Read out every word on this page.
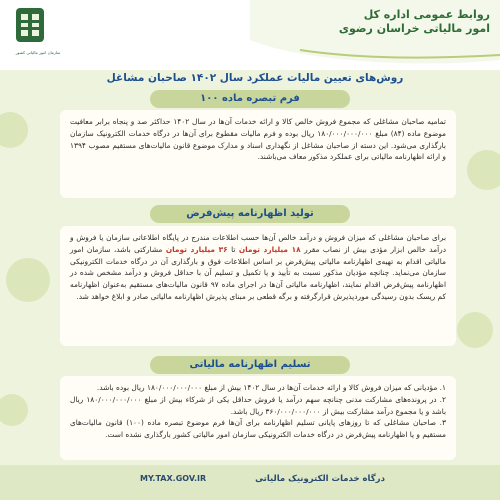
سازمان امور مالیاتی کشور
روابط عمومی اداره کل
امور مالیاتی خراسان رضوی
روش‌های تعیین مالیات عملکرد سال ۱۴۰۲ صاحبان مشاغل
فرم تبصره ماده ۱۰۰
تمامیه صاحبان مشاغلی که مجموع فروش خالص کالا و ارائه خدمات آن‌ها در سال ۱۴۰۲ حداکثر صد و پنجاه برابر معافیت موضوع ماده (۸۴) مبلغ ۱۸۰/۰۰۰/۰۰۰/۰۰۰ ریال بوده و فرم مالیات مقطوع برای آن‌ها در درگاه خدمات الکترونیک سازمان بارگذاری می‌شود. این دسته از صاحبان مشاغل از نگهداری اسناد و مدارک موضوع قانون مالیات‌های مستقیم مصوب ۱۳۹۴ و ارائه اظهارنامه مالیاتی برای عملکرد مذکور معاف می‌باشند.
تولید اظهارنامه پیش‌فرض
برای صاحبان مشاغلی که میزان فروش و درآمد خالص آن‌ها حسب اطلاعات مندرج در پایگاه اطلاعاتی سازمان یا فروش و درآمد خالص ابزار مؤدی بیش از نصاب مقرر ۱۸ میلیارد تومان تا ۳۶ میلیارد تومان مشارکتی باشد، سازمان امور مالیاتی اقدام به تهیه‌ی اظهارنامه مالیاتی پیش‌فرض بر اساس اطلاعات فوق و بارگذاری آن در درگاه خدمات الکترونیکی سازمان می‌نماید. چنانچه مؤدیان مذکور نسبت به تأیید و یا تکمیل و تسلیم آن با حداقل فروش و درآمد مشخص شده در اظهارنامه پیش‌فرض اقدام نمایند، اظهارنامه مالیاتی آن‌ها در اجرای ماده ۹۷ قانون مالیات‌های مستقیم به‌عنوان اظهارنامه کم ریسک بدون رسیدگی موردپذیرش قرارگرفته و برگه قطعی بر مبنای پذیرش اظهارنامه مالیاتی صادر و ابلاغ خواهد شد.
تسلیم اظهارنامه مالیاتی
۱. مؤدیانی که میزان فروش کالا و ارائه خدمات آن‌ها در سال ۱۴۰۲ بیش از مبلغ ۱۸۰/۰۰۰/۰۰۰/۰۰۰ ریال بوده باشد.
۲. در پرونده‌های مشارکت مدنی چنانچه سهم درآمد یا فروش حداقل یکی از شرکاء بیش از مبلغ ۱۸۰/۰۰۰/۰۰۰/۰۰۰ ریال باشد و یا مجموع درآمد مشارکت بیش از ۳۶۰/۰۰۰/۰۰۰/۰۰۰ ریال باشد.
۳. صاحبان مشاغلی که تا روزهای پایانی تسلیم اظهارنامه برای آن‌ها فرم موضوع تبصره ماده (۱۰۰) قانون مالیات‌های مستقیم و یا اظهارنامه پیش‌فرض در درگاه خدمات الکترونیکی سازمان امور مالیاتی کشور بارگذاری نشده است.
MY.TAX.GOV.IR	درگاه خدمات الکترونیک مالیاتی
